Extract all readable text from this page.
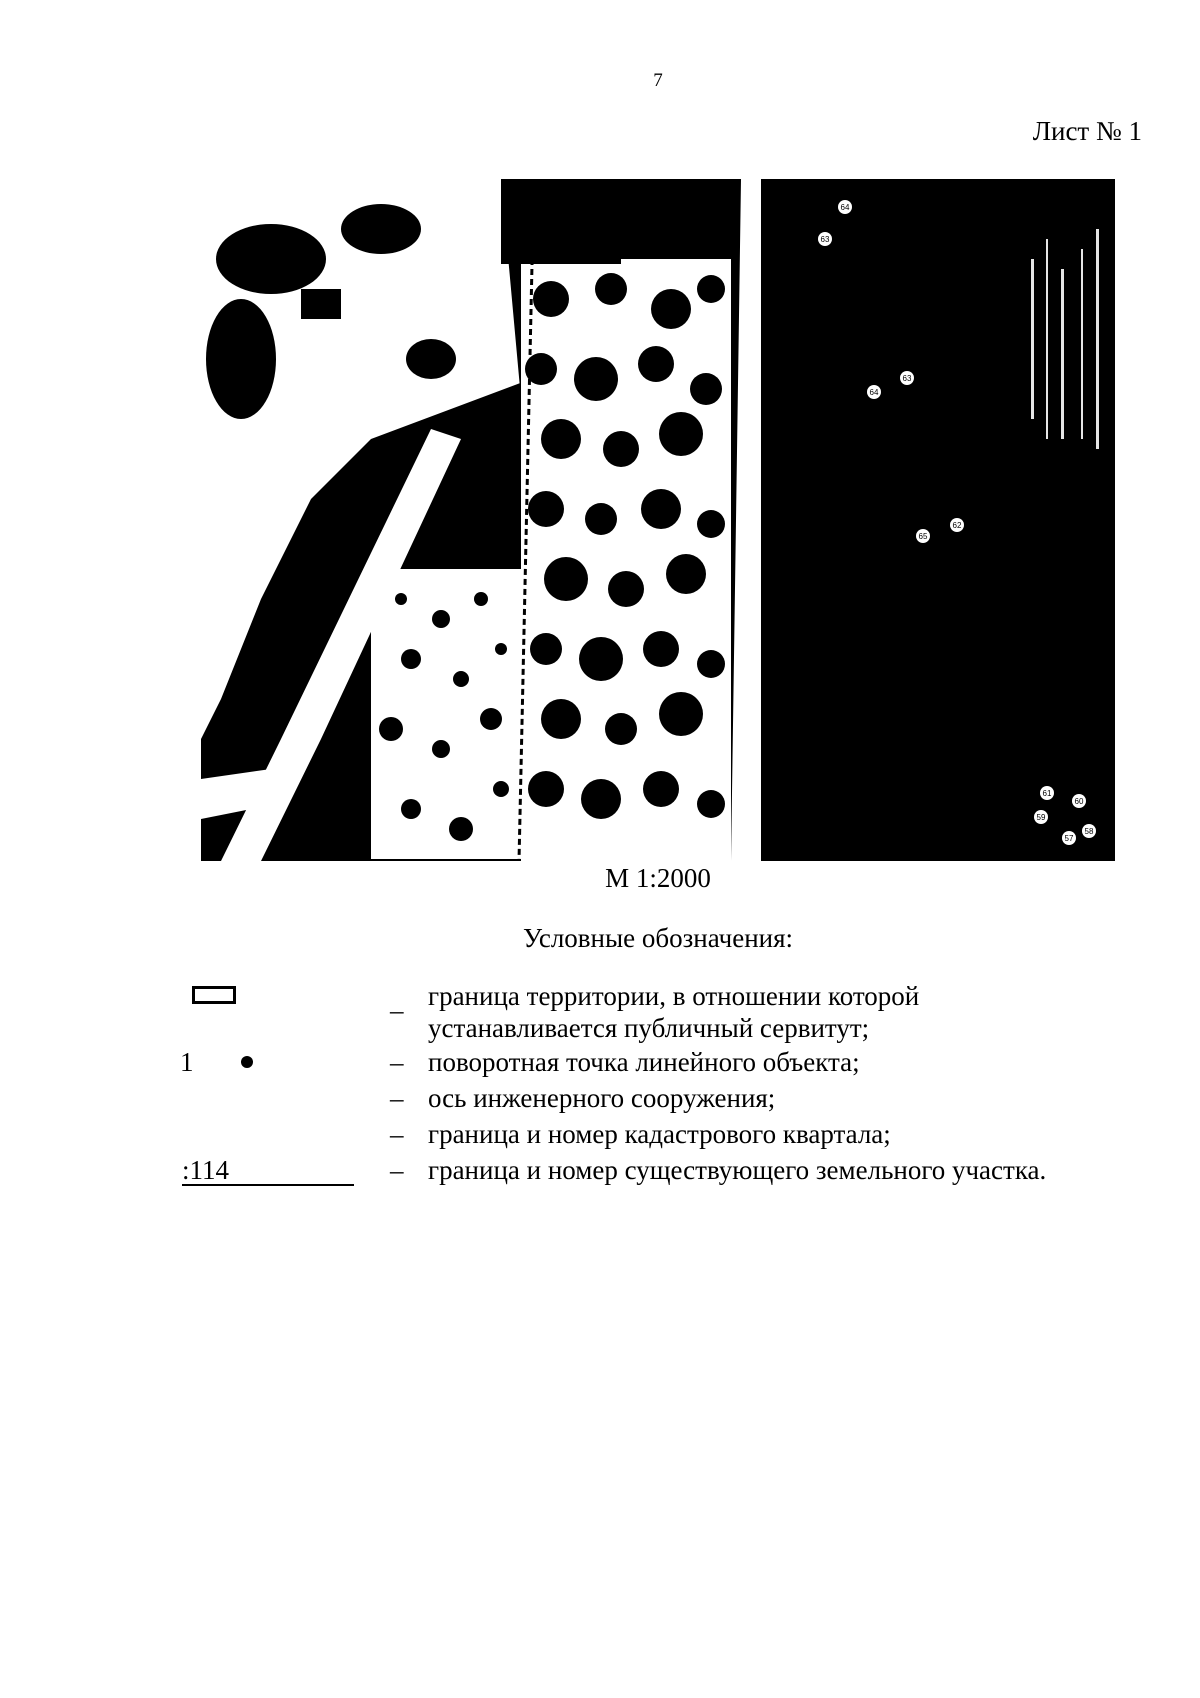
7
Лист № 1
64
63
64
63
65
62
61
60
59
58
57
М 1:2000
Условные обозначения:
– граница территории, в отношении которой
устанавливается публичный сервитут;
1	– поворотная точка линейного объекта;
– ось инженерного сооружения;
– граница и номер кадастрового квартала;
:114	– граница и номер существующего земельного участка.
